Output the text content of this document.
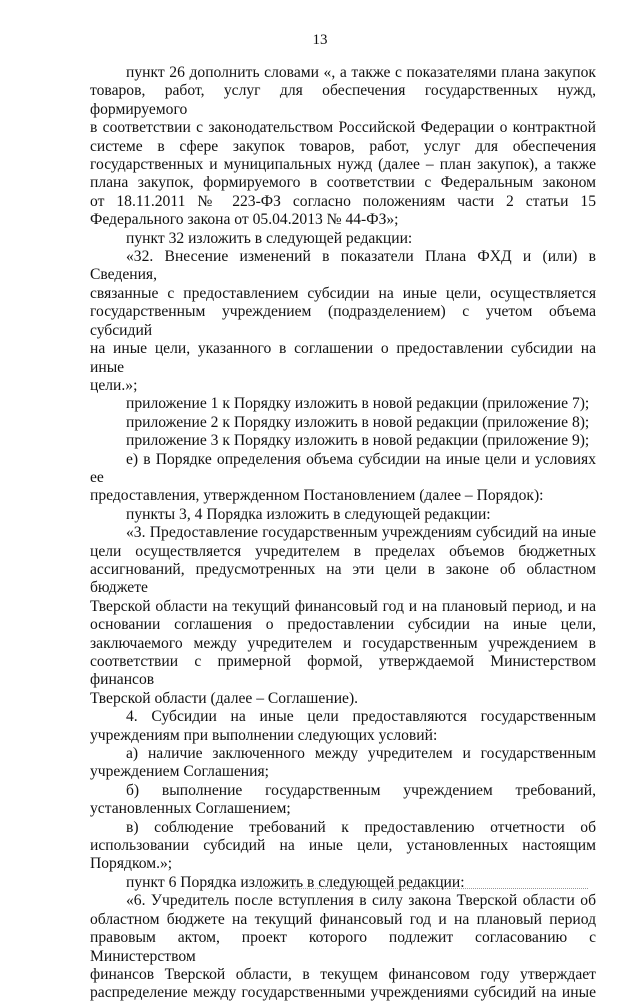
13

пункт 26 дополнить словами «, а также с показателями плана закупок

товаров, работ, услуг для обеспечения государственных нужд, формируемого

в соответствии с законодательством Российской Федерации о контрактной

системе в сфере закупок товаров, работ, услуг для обеспечения

государственных и муниципальных нужд (далее – план закупок), а также

плана закупок, формируемого в соответствии с Федеральным законом

от 18.11.2011 № 223-ФЗ согласно положениям части 2 статьи 15

Федерального закона от 05.04.2013 № 44-ФЗ»;

пункт 32 изложить в следующей редакции:

«32. Внесение изменений в показатели Плана ФХД и (или) в Сведения,

связанные с предоставлением субсидии на иные цели, осуществляется

государственным учреждением (подразделением) с учетом объема субсидий

на иные цели, указанного в соглашении о предоставлении субсидии на иные

цели.»;

приложение 1 к Порядку изложить в новой редакции (приложение 7);

приложение 2 к Порядку изложить в новой редакции (приложение 8);

приложение 3 к Порядку изложить в новой редакции (приложение 9);

е) в Порядке определения объема субсидии на иные цели и условиях ее

предоставления, утвержденном Постановлением (далее – Порядок):

пункты 3, 4 Порядка изложить в следующей редакции:

«3. Предоставление государственным учреждениям субсидий на иные

цели осуществляется учредителем в пределах объемов бюджетных

ассигнований, предусмотренных на эти цели в законе об областном бюджете

Тверской области на текущий финансовый год и на плановый период, и на

основании соглашения о предоставлении субсидии на иные цели,

заключаемого между учредителем и государственным учреждением в

соответствии с примерной формой, утверждаемой Министерством финансов

Тверской области (далее – Соглашение).

4. Субсидии на иные цели предоставляются государственным

учреждениям при выполнении следующих условий:

а) наличие заключенного между учредителем и государственным

учреждением Соглашения;

б) выполнение государственным учреждением требований,

установленных Соглашением;

в) соблюдение требований к предоставлению отчетности об

использовании субсидий на иные цели, установленных настоящим

Порядком.»;

пункт 6 Порядка изложить в следующей редакции:

«6. Учредитель после вступления в силу закона Тверской области об

областном бюджете на текущий финансовый год и на плановый период

правовым актом, проект которого подлежит согласованию с Министерством

финансов Тверской области, в текущем финансовом году утверждает

распределение между государственными учреждениями субсидий на иные
